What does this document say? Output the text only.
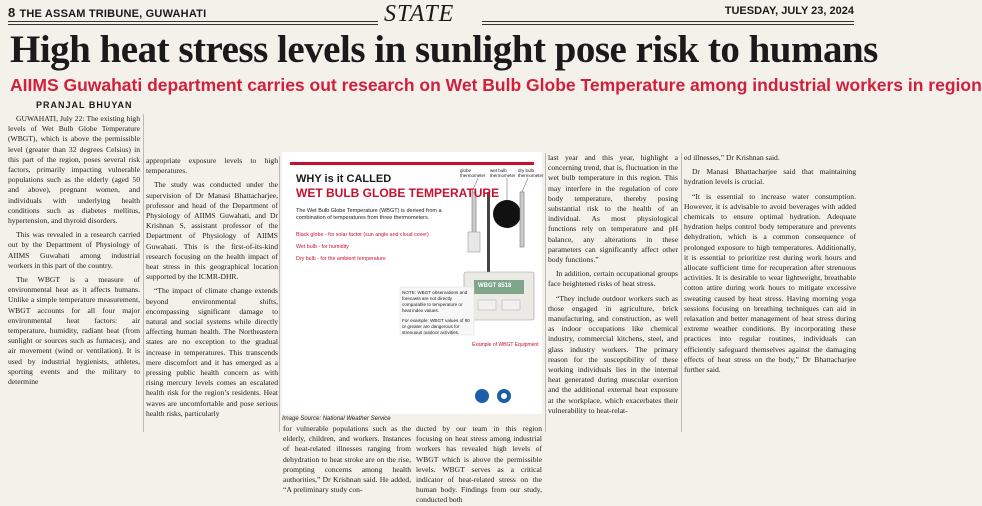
8 THE ASSAM TRIBUNE, GUWAHATI	STATE	TUESDAY, JULY 23, 2024
High heat stress levels in sunlight pose risk to humans
AIIMS Guwahati department carries out research on Wet Bulb Globe Temperature among industrial workers in region
PRANJAL BHUYAN

GUWAHATI, July 22: The existing high levels of Wet Bulb Globe Temperature (WBGT), which is above the permissible level (greater than 32 degrees Celsius) in this part of the region, poses several risk factors, primarily impacting vulnerable populations such as the elderly (aged 50 and above), pregnant women, and individuals with underlying health conditions such as diabetes mellitus, hypertension, and thyroid disorders.

This was revealed in a research carried out by the Department of Physiology of AIIMS Guwahati among industrial workers in this part of the country.

The WBGT is a measure of environmental heat as it affects humans. Unlike a simple temperature measurement, WBGT accounts for all four major environmental heat factors: air temperature, humidity, radiant heat (from sunlight or sources such as furnaces), and air movement (wind or ventilation). It is used by industrial hygienists, athletes, sporting events and the military to determine

appropriate exposure levels to high temperatures.

The study was conducted under the supervision of Dr Manasi Bhattacharjee, professor and head of the Department of Physiology of AIIMS Guwahati, and Dr Krishnan S, assistant professor of the Department of Physiology of AIIMS Guwahati. This is the first-of-its-kind research focusing on the health impact of heat stress in this geographical location supported by the ICMR-DHR.

“The impact of climate change extends beyond environmental shifts, encompassing significant damage to natural and social systems while directly affecting human health. The Northeastern states are no exception to the gradual increase in temperatures. This transcends mere discomfort and it has emerged as a pressing public health concern as with rising mercury levels comes an escalated health risk for the region’s residents. Heat waves are uncomfortable and pose serious health risks, particularly

WHY is it CALLED
WET BULB GLOBE TEMPERATURE
The Wet Bulb Globe Temperature (WBGT) is derived from a combination of temperatures from three thermometers.
Black globe - for solar factor (sun angle and cloud cover)
Wet bulb - for humidity
Dry bulb - for the ambient temperature
globe thermometer
wet bulb thermometer
dry bulb thermometer
WBGT 8518
NOTE: WBGT observations and forecasts are not directly comparable to temperature or heat index values.
For example: WBGT values of 90 or greater are dangerous for strenuous outdoor activities.
Example of WBGT Equipment
Image Source: National Weather Service
for vulnerable populations such as the elderly, children, and workers. Instances of heat-related illnesses ranging from dehydration to heat stroke are on the rise, prompting concerns among health authorities,” Dr Krishnan said. He added, “A preliminary study con-
ducted by our team in this region focusing on heat stress among industrial workers has revealed high levels of WBGT which is above the permissible levels. WBGT serves as a critical indicator of heat-related stress on the human body. Findings from our study, conducted both

last year and this year, highlight a concerning trend, that is, fluctuation in the wet bulb temperature in this region. This may interfere in the regulation of core body temperature, thereby posing substantial risk to the health of an individual. As most physiological functions rely on temperature and pH balance, any alterations in these parameters can significantly affect other body functions.”

In addition, certain occupational groups face heightened risks of heat stress.

“They include outdoor workers such as those engaged in agriculture, brick manufacturing, and construction, as well as indoor occupations like chemical industry, commercial kitchens, steel, and glass industry workers. The primary reason for the susceptibility of these working individuals lies in the internal heat generated during muscular exertion and the additional external heat exposure at the workplace, which exacerbates their vulnerability to heat-relat-

ed illnesses,” Dr Krishnan said.

Dr Manasi Bhattacharjee said that maintaining hydration levels is crucial.

“It is essential to increase water consumption. However, it is advisable to avoid beverages with added chemicals to ensure optimal hydration. Adequate hydration helps control body temperature and prevents dehydration, which is a common consequence of prolonged exposure to high temperatures. Additionally, it is essential to prioritize rest during work hours and allocate sufficient time for recuperation after strenuous activities. It is desirable to wear lightweight, breathable cotton attire during work hours to mitigate excessive sweating caused by heat stress. Having morning yoga sessions focusing on breathing techniques can aid in relaxation and better management of heat stress during extreme weather conditions. By incorporating these practices into regular routines, individuals can efficiently safeguard themselves against the damaging effects of heat stress on the body,” Dr Bhattacharjee further said.
